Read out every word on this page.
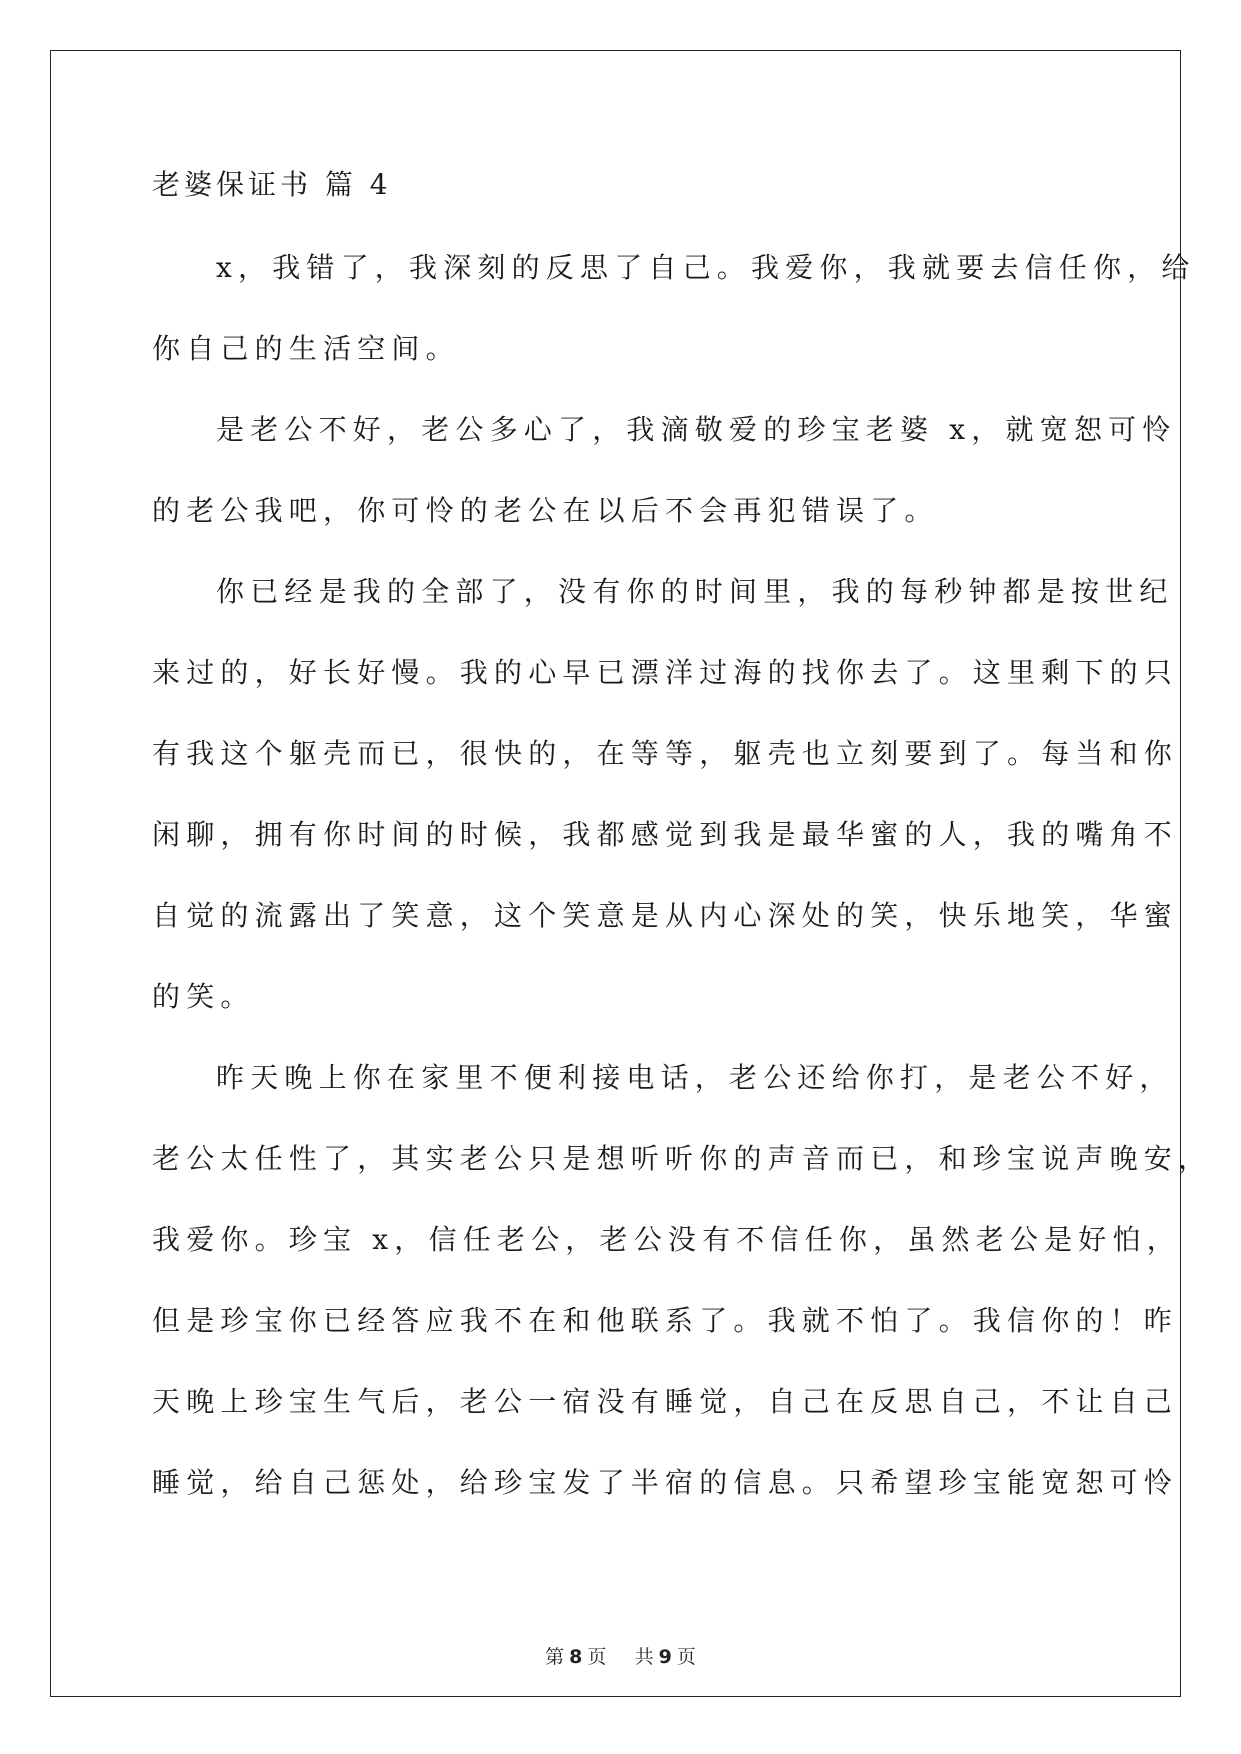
老婆保证书 篇 4
x，我错了，我深刻的反思了自己。我爱你，我就要去信任你，给
你自己的生活空间。
是老公不好，老公多心了，我滴敬爱的珍宝老婆 x，就宽恕可怜
的老公我吧，你可怜的老公在以后不会再犯错误了。
你已经是我的全部了，没有你的时间里，我的每秒钟都是按世纪
来过的，好长好慢。我的心早已漂洋过海的找你去了。这里剩下的只
有我这个躯壳而已，很快的，在等等，躯壳也立刻要到了。每当和你
闲聊，拥有你时间的时候，我都感觉到我是最华蜜的人，我的嘴角不
自觉的流露出了笑意，这个笑意是从内心深处的笑，快乐地笑，华蜜
的笑。
昨天晚上你在家里不便利接电话，老公还给你打，是老公不好，
老公太任性了，其实老公只是想听听你的声音而已，和珍宝说声晚安，
我爱你。珍宝 x，信任老公，老公没有不信任你，虽然老公是好怕，
但是珍宝你已经答应我不在和他联系了。我就不怕了。我信你的！昨
天晚上珍宝生气后，老公一宿没有睡觉，自己在反思自己，不让自己
睡觉，给自己惩处，给珍宝发了半宿的信息。只希望珍宝能宽恕可怜
第 8 页 共 9 页
